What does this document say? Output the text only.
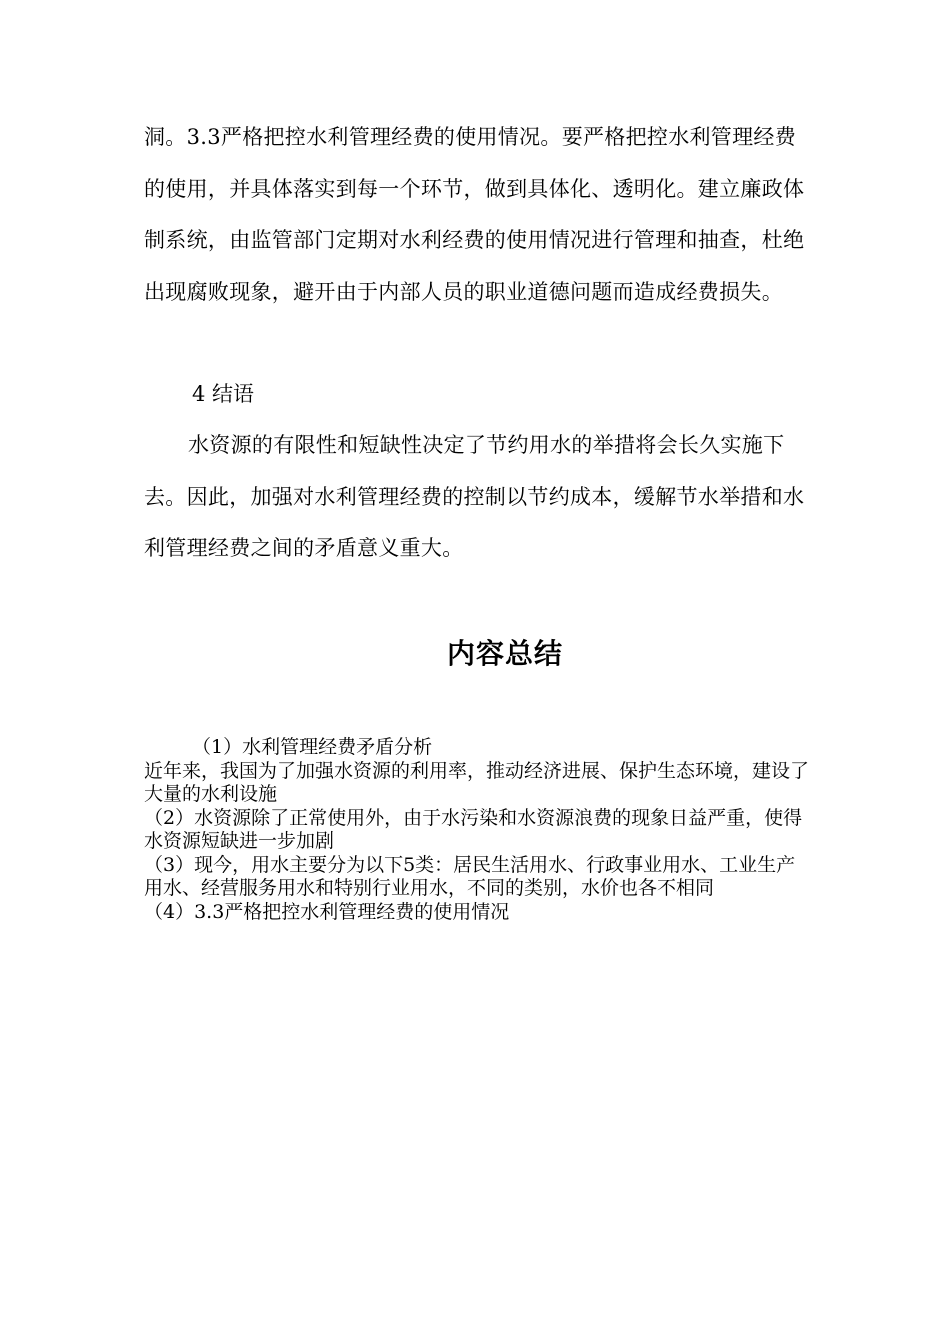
洞。3.3严格把控水利管理经费的使用情况。要严格把控水利管理经费的使用，并具体落实到每一个环节，做到具体化、透明化。建立廉政体制系统，由监管部门定期对水利经费的使用情况进行管理和抽查，杜绝出现腐败现象，避开由于内部人员的职业道德问题而造成经费损失。

4 结语

水资源的有限性和短缺性决定了节约用水的举措将会长久实施下去。因此，加强对水利管理经费的控制以节约成本，缓解节水举措和水利管理经费之间的矛盾意义重大。

内容总结

（1）水利管理经费矛盾分析

近年来，我国为了加强水资源的利用率，推动经济进展、保护生态环境，建设了大量的水利设施

（2）水资源除了正常使用外，由于水污染和水资源浪费的现象日益严重，使得水资源短缺进一步加剧

（3）现今，用水主要分为以下5类：居民生活用水、行政事业用水、工业生产用水、经营服务用水和特别行业用水，不同的类别，水价也各不相同

（4）3.3严格把控水利管理经费的使用情况
